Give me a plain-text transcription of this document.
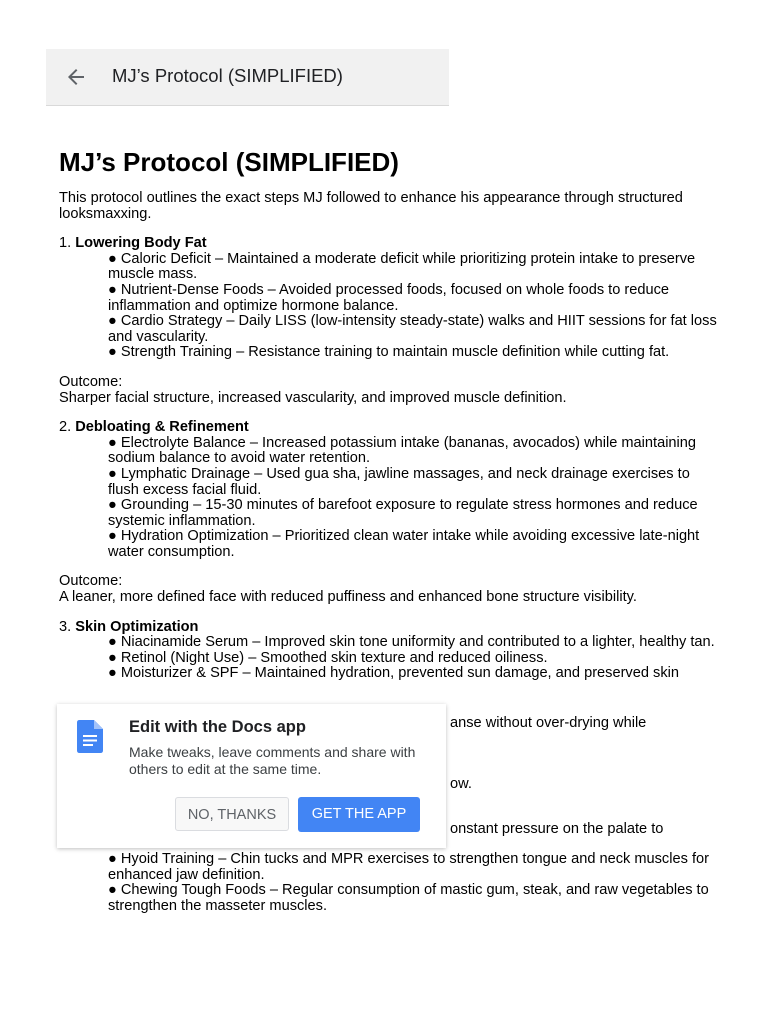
MJ’s Protocol (SIMPLIFIED)
MJ’s Protocol (SIMPLIFIED)

This protocol outlines the exact steps MJ followed to enhance his appearance through structured looksmaxxing.

1. Lowering Body Fat

● Caloric Deficit – Maintained a moderate deficit while prioritizing protein intake to preserve muscle mass.
● Nutrient-Dense Foods – Avoided processed foods, focused on whole foods to reduce inflammation and optimize hormone balance.
● Cardio Strategy – Daily LISS (low-intensity steady-state) walks and HIIT sessions for fat loss and vascularity.
● Strength Training – Resistance training to maintain muscle definition while cutting fat.

Outcome:

Sharper facial structure, increased vascularity, and improved muscle definition.

2. Debloating & Refinement

● Electrolyte Balance – Increased potassium intake (bananas, avocados) while maintaining sodium balance to avoid water retention.
● Lymphatic Drainage – Used gua sha, jawline massages, and neck drainage exercises to flush excess facial fluid.
● Grounding – 15-30 minutes of barefoot exposure to regulate stress hormones and reduce systemic inflammation.
● Hydration Optimization – Prioritized clean water intake while avoiding excessive late-night water consumption.

Outcome:

A leaner, more defined face with reduced puffiness and enhanced bone structure visibility.

3. Skin Optimization

● Niacinamide Serum – Improved skin tone uniformity and contributed to a lighter, healthy tan.
● Retinol (Night Use) – Smoothed skin texture and reduced oiliness.
● Moisturizer & SPF – Maintained hydration, prevented sun damage, and preserved skin
anse without over-drying while
ow.
onstant pressure on the palate to
● Hyoid Training – Chin tucks and MPR exercises to strengthen tongue and neck muscles for enhanced jaw definition.
● Chewing Tough Foods – Regular consumption of mastic gum, steak, and raw vegetables to strengthen the masseter muscles.
Edit with the Docs app
Make tweaks, leave comments and share with others to edit at the same time.
NO, THANKS	GET THE APP
